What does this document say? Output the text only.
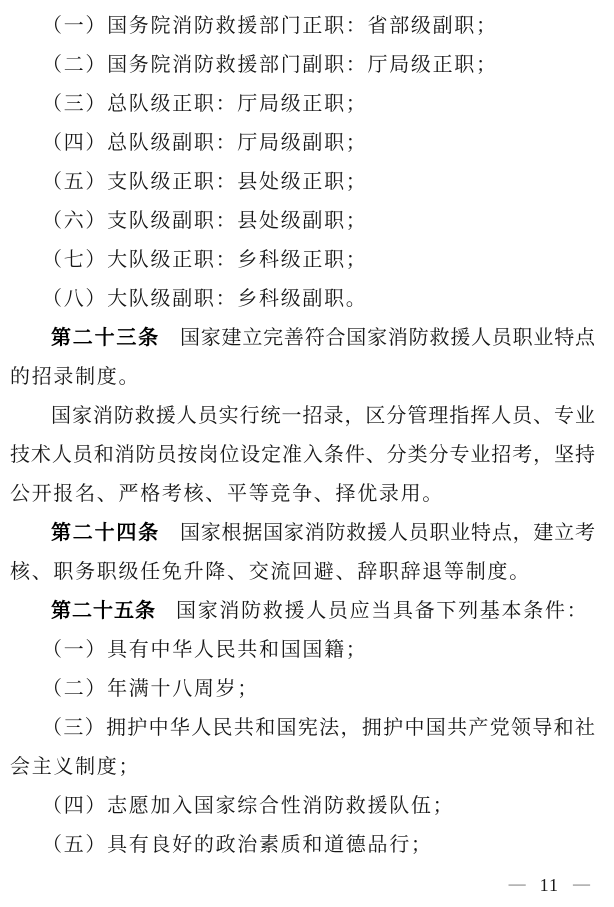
（一）国务院消防救援部门正职：省部级副职；
（二）国务院消防救援部门副职：厅局级正职；
（三）总队级正职：厅局级正职；
（四）总队级副职：厅局级副职；
（五）支队级正职：县处级正职；
（六）支队级副职：县处级副职；
（七）大队级正职：乡科级正职；
（八）大队级副职：乡科级副职。
第二十三条 国家建立完善符合国家消防救援人员职业特点
的招录制度。
国家消防救援人员实行统一招录，区分管理指挥人员、专业
技术人员和消防员按岗位设定准入条件、分类分专业招考，坚持
公开报名、严格考核、平等竞争、择优录用。
第二十四条 国家根据国家消防救援人员职业特点，建立考
核、职务职级任免升降、交流回避、辞职辞退等制度。
第二十五条 国家消防救援人员应当具备下列基本条件：
（一）具有中华人民共和国国籍；
（二）年满十八周岁；
（三）拥护中华人民共和国宪法，拥护中国共产党领导和社
会主义制度；
（四）志愿加入国家综合性消防救援队伍；
（五）具有良好的政治素质和道德品行；
— 11 —
